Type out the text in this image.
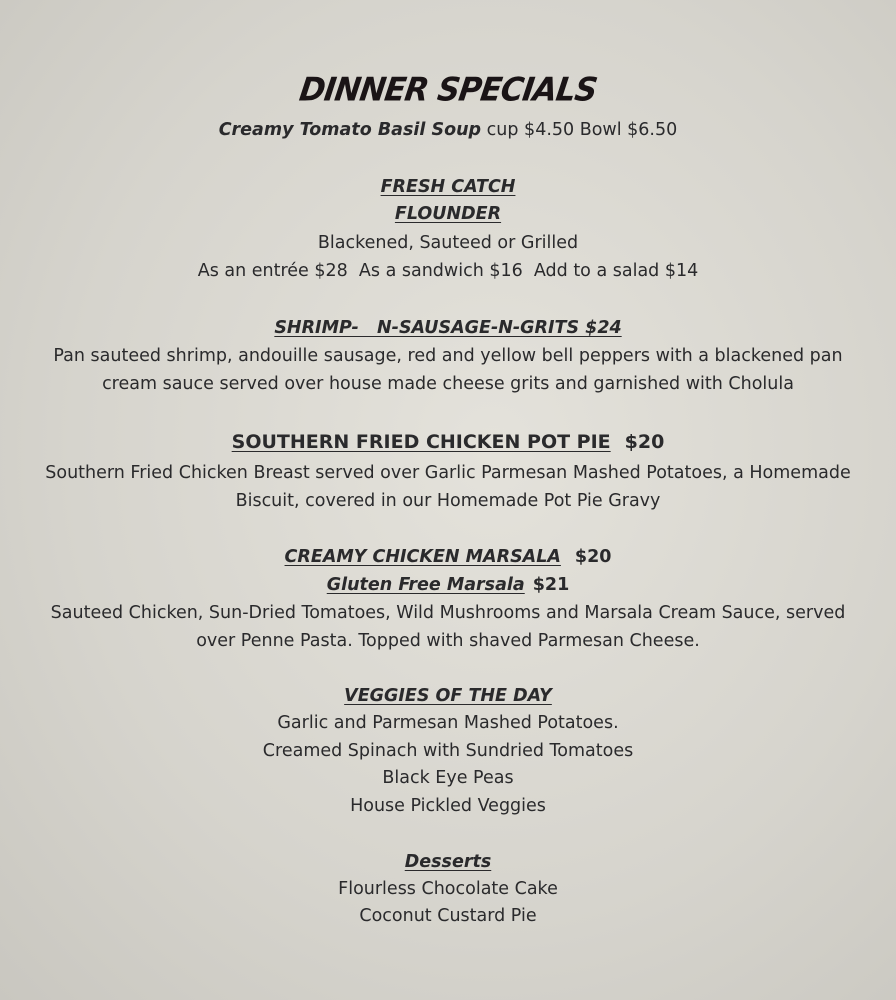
DINNER SPECIALS
Creamy Tomato Basil Soup cup $4.50 Bowl $6.50
FRESH CATCH
FLOUNDER
Blackened, Sauteed or Grilled
As an entrée $28  As a sandwich $16  Add to a salad $14
SHRIMP-   N-SAUSAGE-N-GRITS $24
Pan sauteed shrimp, andouille sausage, red and yellow bell peppers with a blackened pan
cream sauce served over house made cheese grits and garnished with Cholula
SOUTHERN FRIED CHICKEN POT PIE $20
Southern Fried Chicken Breast served over Garlic Parmesan Mashed Potatoes, a Homemade
Biscuit, covered in our Homemade Pot Pie Gravy
CREAMY CHICKEN MARSALA $20
Gluten Free Marsala $21
Sauteed Chicken, Sun-Dried Tomatoes, Wild Mushrooms and Marsala Cream Sauce, served
over Penne Pasta. Topped with shaved Parmesan Cheese.
VEGGIES OF THE DAY
Garlic and Parmesan Mashed Potatoes.
Creamed Spinach with Sundried Tomatoes
Black Eye Peas
House Pickled Veggies
Desserts
Flourless Chocolate Cake
Coconut Custard Pie
